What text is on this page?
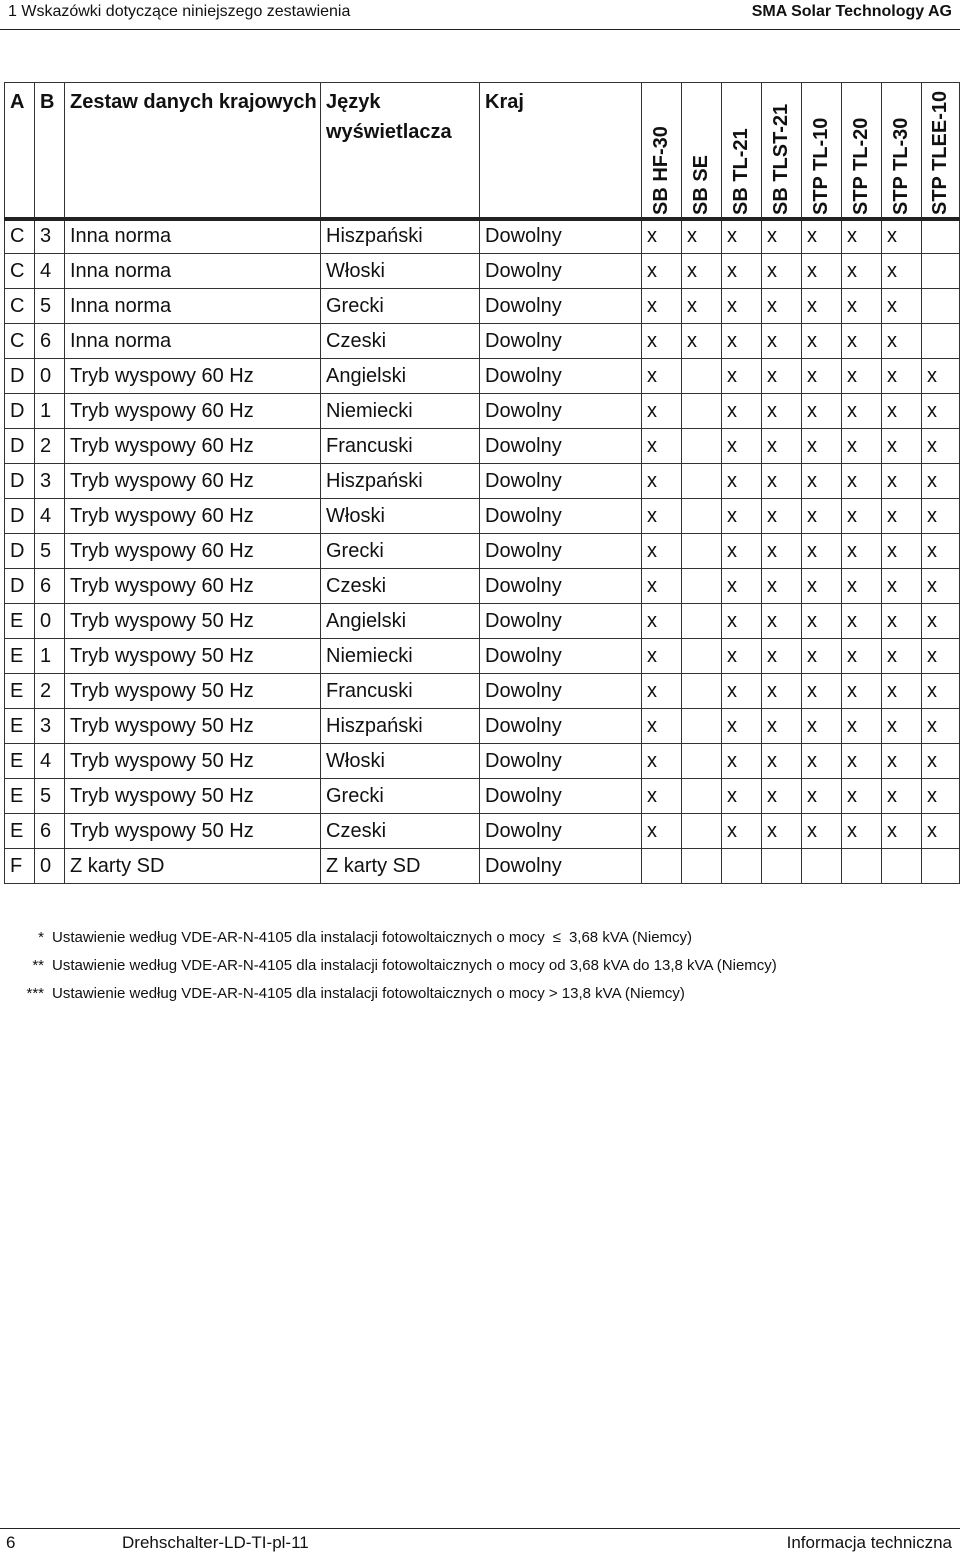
1 Wskazówki dotyczące niniejszego zestawienia	SMA Solar Technology AG
A	B	Zestaw danych krajowych	Język wyświetlacza	Kraj	SB HF-30	SB SE	SB TL-21	SB TLST-21	STP TL-10	STP TL-20	STP TL-30	STP TLEE-10

C	3	Inna norma	Hiszpański	Dowolny	x	x	x	x	x	x	x	
C	4	Inna norma	Włoski	Dowolny	x	x	x	x	x	x	x	
C	5	Inna norma	Grecki	Dowolny	x	x	x	x	x	x	x	
C	6	Inna norma	Czeski	Dowolny	x	x	x	x	x	x	x	
D	0	Tryb wyspowy 60 Hz	Angielski	Dowolny	x		x	x	x	x	x	x
D	1	Tryb wyspowy 60 Hz	Niemiecki	Dowolny	x		x	x	x	x	x	x
D	2	Tryb wyspowy 60 Hz	Francuski	Dowolny	x		x	x	x	x	x	x
D	3	Tryb wyspowy 60 Hz	Hiszpański	Dowolny	x		x	x	x	x	x	x
D	4	Tryb wyspowy 60 Hz	Włoski	Dowolny	x		x	x	x	x	x	x
D	5	Tryb wyspowy 60 Hz	Grecki	Dowolny	x		x	x	x	x	x	x
D	6	Tryb wyspowy 60 Hz	Czeski	Dowolny	x		x	x	x	x	x	x
E	0	Tryb wyspowy 50 Hz	Angielski	Dowolny	x		x	x	x	x	x	x
E	1	Tryb wyspowy 50 Hz	Niemiecki	Dowolny	x		x	x	x	x	x	x
E	2	Tryb wyspowy 50 Hz	Francuski	Dowolny	x		x	x	x	x	x	x
E	3	Tryb wyspowy 50 Hz	Hiszpański	Dowolny	x		x	x	x	x	x	x
E	4	Tryb wyspowy 50 Hz	Włoski	Dowolny	x		x	x	x	x	x	x
E	5	Tryb wyspowy 50 Hz	Grecki	Dowolny	x		x	x	x	x	x	x
E	6	Tryb wyspowy 50 Hz	Czeski	Dowolny	x		x	x	x	x	x	x
F	0	Z karty SD	Z karty SD	Dowolny								
* Ustawienie według VDE-AR-N-4105 dla instalacji fotowoltaicznych o mocy ≤ 3,68 kVA (Niemcy)
** Ustawienie według VDE-AR-N-4105 dla instalacji fotowoltaicznych o mocy od 3,68 kVA do 13,8 kVA (Niemcy)
*** Ustawienie według VDE-AR-N-4105 dla instalacji fotowoltaicznych o mocy > 13,8 kVA (Niemcy)
6	Drehschalter-LD-TI-pl-11	Informacja techniczna
